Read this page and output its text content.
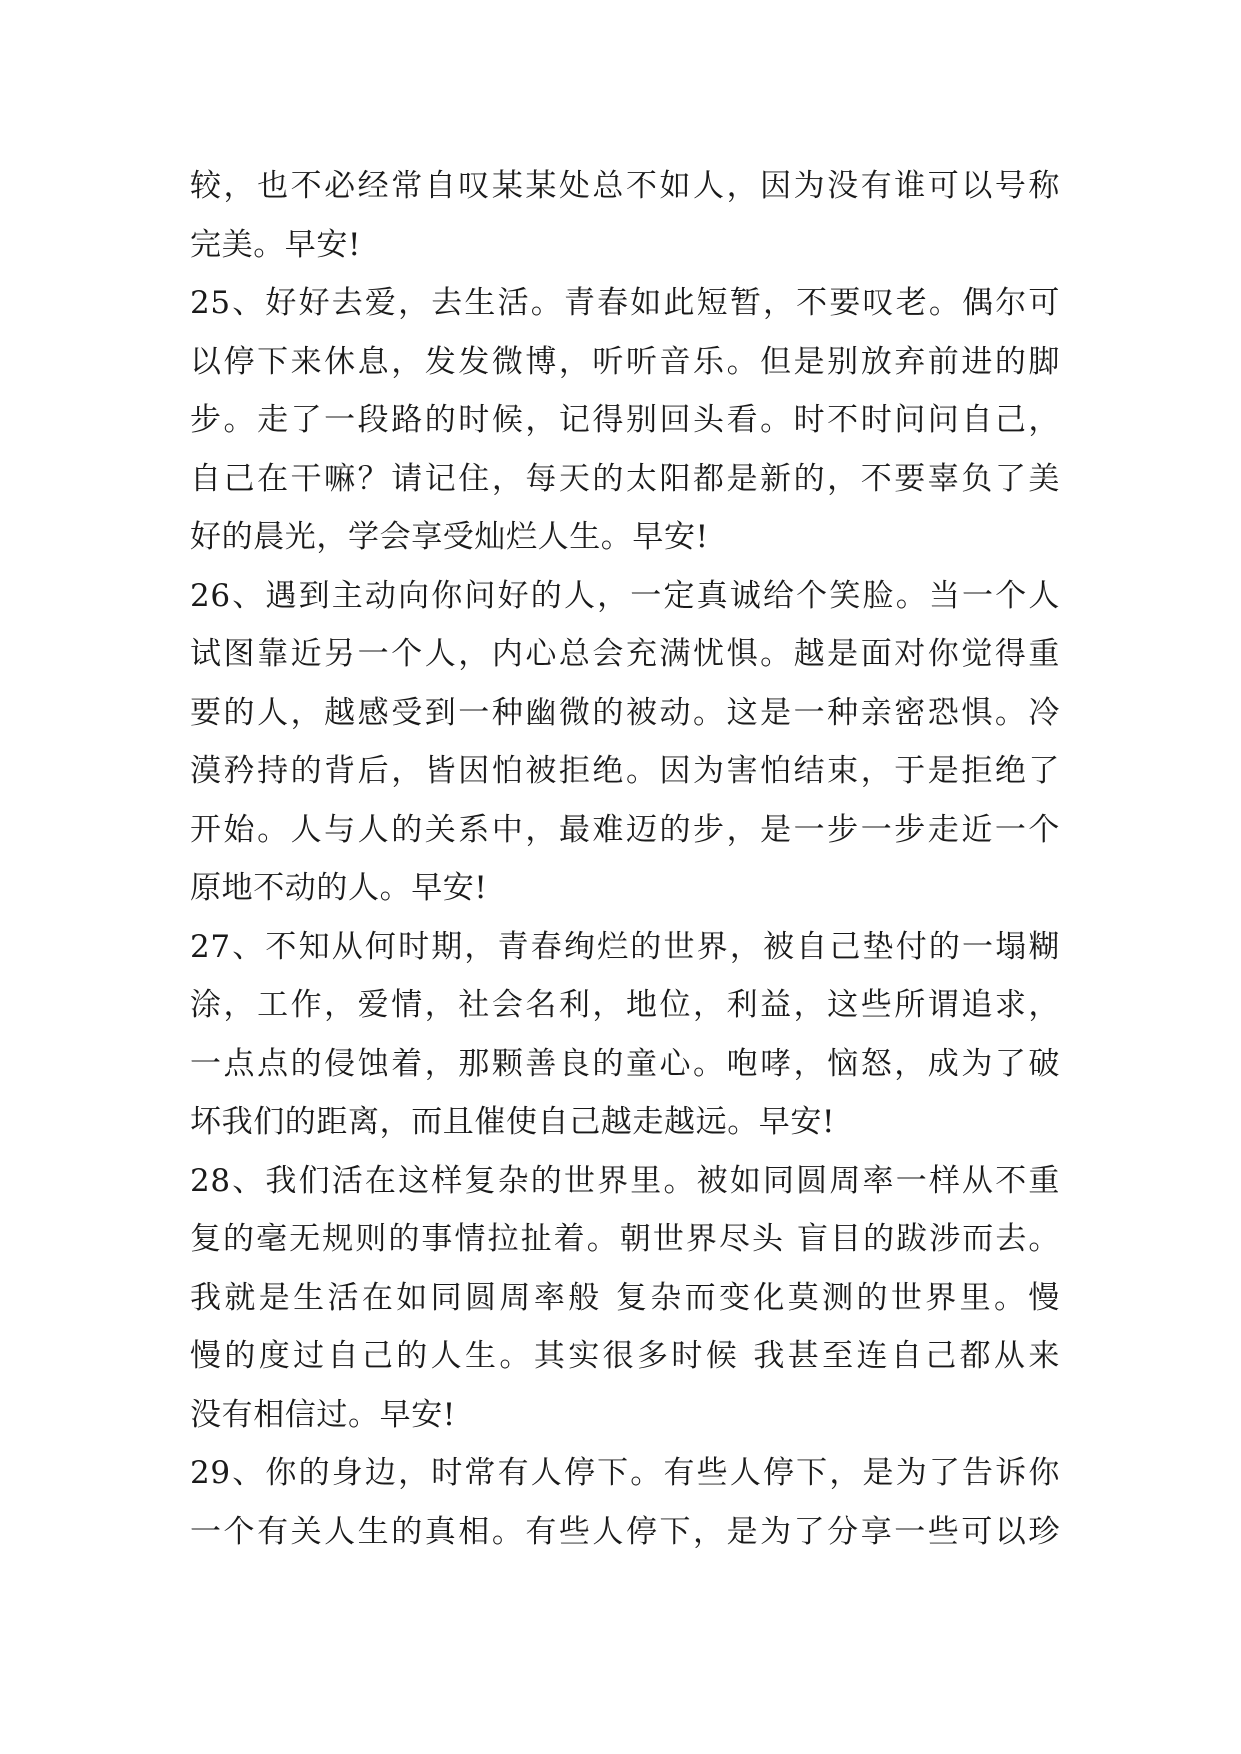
较，也不必经常自叹某某处总不如人，因为没有谁可以号称
完美。早安!
25、好好去爱，去生活。青春如此短暂，不要叹老。偶尔可
以停下来休息，发发微博，听听音乐。但是别放弃前进的脚
步。走了一段路的时候，记得别回头看。时不时问问自己，
自己在干嘛？请记住，每天的太阳都是新的，不要辜负了美
好的晨光，学会享受灿烂人生。早安!
26、遇到主动向你问好的人，一定真诚给个笑脸。当一个人
试图靠近另一个人，内心总会充满忧惧。越是面对你觉得重
要的人，越感受到一种幽微的被动。这是一种亲密恐惧。冷
漠矜持的背后，皆因怕被拒绝。因为害怕结束，于是拒绝了
开始。人与人的关系中，最难迈的步，是一步一步走近一个
原地不动的人。早安!
27、不知从何时期，青春绚烂的世界，被自己垫付的一塌糊
涂，工作，爱情，社会名利，地位，利益，这些所谓追求，
一点点的侵蚀着，那颗善良的童心。咆哮，恼怒，成为了破
坏我们的距离，而且催使自己越走越远。早安!
28、我们活在这样复杂的世界里。被如同圆周率一样从不重
复的毫无规则的事情拉扯着。朝世界尽头 盲目的跋涉而去。
我就是生活在如同圆周率般 复杂而变化莫测的世界里。慢
慢的度过自己的人生。其实很多时候 我甚至连自己都从来
没有相信过。早安!
29、你的身边，时常有人停下。有些人停下，是为了告诉你
一个有关人生的真相。有些人停下，是为了分享一些可以珍
